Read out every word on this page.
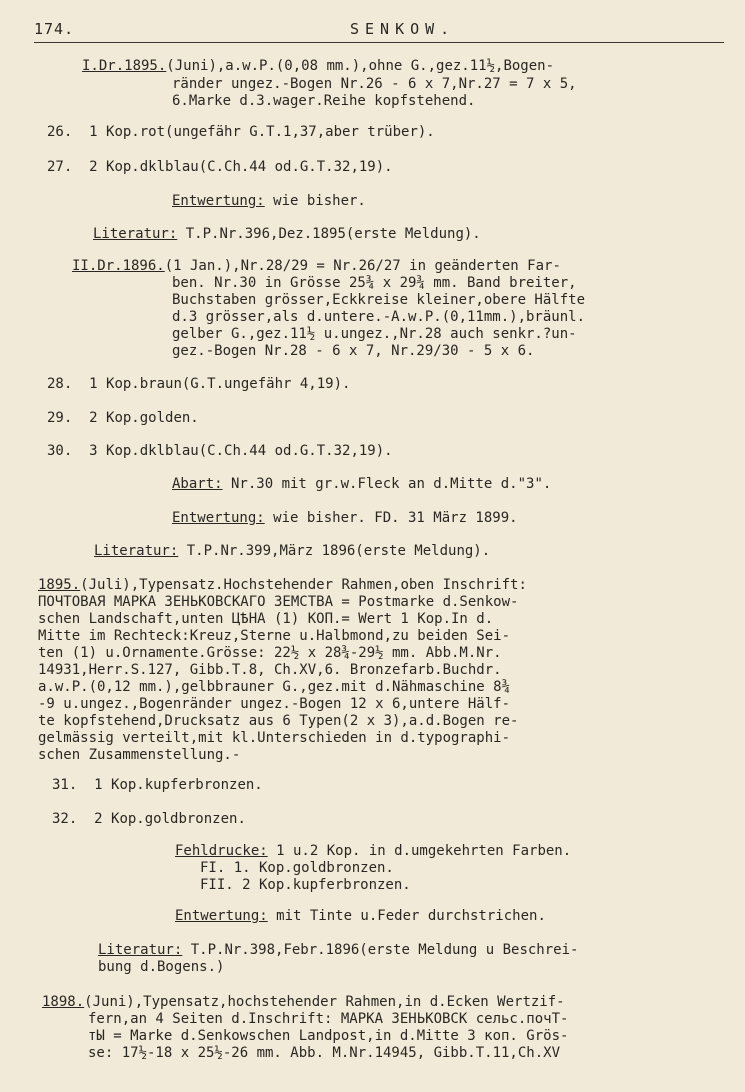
174.	SENKOW.
I.Dr.1895.(Juni),a.w.P.(0,08 mm.),ohne G.,gez.11½,Bogen-
ränder ungez.-Bogen Nr.26 - 6 x 7,Nr.27 = 7 x 5,
6.Marke d.3.wager.Reihe kopfstehend.
26. 1 Kop.rot(ungefähr G.T.1,37,aber trüber).
27. 2 Kop.dklblau(C.Ch.44 od.G.T.32,19).
Entwertung: wie bisher.
Literatur: T.P.Nr.396,Dez.1895(erste Meldung).
II.Dr.1896.(1 Jan.),Nr.28/29 = Nr.26/27 in geänderten Far-
ben. Nr.30 in Grösse 25¾ x 29¾ mm. Band breiter,
Buchstaben grösser,Eckkreise kleiner,obere Hälfte
d.3 grösser,als d.untere.-A.w.P.(0,11mm.),bräunl.
gelber G.,gez.11½ u.ungez.,Nr.28 auch senkr.?un-
gez.-Bogen Nr.28 - 6 x 7, Nr.29/30 - 5 x 6.
28. 1 Kop.braun(G.T.ungefähr 4,19).
29. 2 Kop.golden.
30. 3 Kop.dklblau(C.Ch.44 od.G.T.32,19).
Abart: Nr.30 mit gr.w.Fleck an d.Mitte d."3".
Entwertung: wie bisher. FD. 31 März 1899.
Literatur: T.P.Nr.399,März 1896(erste Meldung).
1895.(Juli),Typensatz.Hochstehender Rahmen,oben Inschrift:
ПОЧТОВАЯ МАРКА ЗЕНЬКОВСКАГО ЗЕМСТВА = Postmarke d.Senkow-
schen Landschaft,unten ЦѢНА (1) КОП.= Wert 1 Kop.In d.
Mitte im Rechteck:Kreuz,Sterne u.Halbmond,zu beiden Sei-
ten (1) u.Ornamente.Grösse: 22½ x 28¾-29½ mm. Abb.M.Nr.
14931,Herr.S.127, Gibb.T.8, Ch.XV,6. Bronzefarb.Buchdr.
a.w.P.(0,12 mm.),gelbbrauner G.,gez.mit d.Nähmaschine 8¾
-9 u.ungez.,Bogenränder ungez.-Bogen 12 x 6,untere Hälf-
te kopfstehend,Drucksatz aus 6 Typen(2 x 3),a.d.Bogen re-
gelmässig verteilt,mit kl.Unterschieden in d.typographi-
schen Zusammenstellung.-
31. 1 Kop.kupferbronzen.
32. 2 Kop.goldbronzen.
Fehldrucke: 1 u.2 Kop. in d.umgekehrten Farben.
FI. 1. Kop.goldbronzen.
FII. 2 Kop.kupferbronzen.
Entwertung: mit Tinte u.Feder durchstrichen.
Literatur: T.P.Nr.398,Febr.1896(erste Meldung u Beschrei-
bung d.Bogens.)
1898.(Juni),Typensatz,hochstehender Rahmen,in d.Ecken Wertzif-
fern,an 4 Seiten d.Inschrift: МАРКА ЗЕНЬКОВСК сельс.почТ-
тЫ = Marke d.Senkowschen Landpost,in d.Mitte 3 коп. Grös-
se: 17½-18 x 25½-26 mm. Abb. M.Nr.14945, Gibb.T.11,Ch.XV
